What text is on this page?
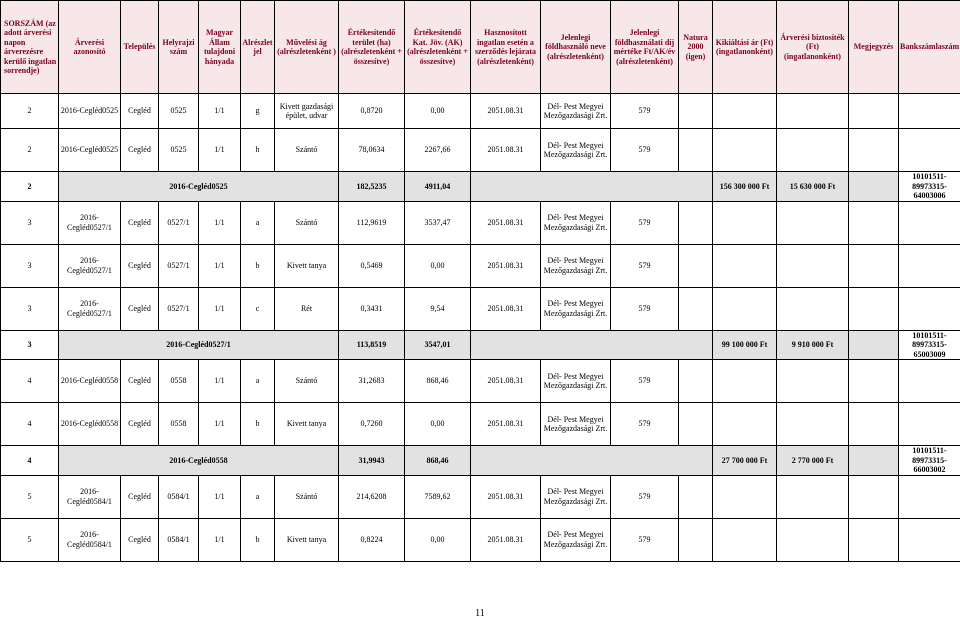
SORSZÁM (az adott árverési napon árverezésre kerülő ingatlan sorrendje)	Árverési azonosító	Település	Helyrajzi szám	Magyar Állam tulajdoni hányada	Alrészlet jel	Művelési ág (alrészletenként )	Értékesítendő terület (ha) (alrészletenként + összesítve)	Értékesítendő Kat. Jöv. (AK) (alrészletenként + összesítve)	Hasznosított ingatlan esetén a szerződés lejárata (alrészletenként)	Jelenlegi földhasználó neve (alrészletenként)	Jelenlegi földhasználati díj mértéke Ft/AK/év (alrészletenként)	Natura 2000 (igen)	Kikiáltási ár (Ft) (ingatlanonként)	Árverési biztosíték (Ft) (ingatlanonként)	Megjegyzés	Bankszámlaszám
2	2016-Cegléd0525	Cegléd	0525	1/1	g	Kivett gazdasági épület, udvar	0,8720	0,00	2051.08.31	Dél- Pest Megyei Mezőgazdasági Zrt.	579					
2	2016-Cegléd0525	Cegléd	0525	1/1	h	Szántó	78,0634	2267,66	2051.08.31	Dél- Pest Megyei Mezőgazdasági Zrt.	579					
2	2016-Cegléd0525						182,5235	4911,04					156 300 000 Ft	15 630 000 Ft		10101511-89973315-64003006
3	2016-Cegléd0527/1	Cegléd	0527/1	1/1	a	Szántó	112,9619	3537,47	2051.08.31	Dél- Pest Megyei Mezőgazdasági Zrt.	579					
3	2016-Cegléd0527/1	Cegléd	0527/1	1/1	b	Kivett tanya	0,5469	0,00	2051.08.31	Dél- Pest Megyei Mezőgazdasági Zrt.	579					
3	2016-Cegléd0527/1	Cegléd	0527/1	1/1	c	Rét	0,3431	9,54	2051.08.31	Dél- Pest Megyei Mezőgazdasági Zrt.	579					
3	2016-Cegléd0527/1						113,8519	3547,01					99 100 000 Ft	9 910 000 Ft		10101511-89973315-65003009
4	2016-Cegléd0558	Cegléd	0558	1/1	a	Szántó	31,2683	868,46	2051.08.31	Dél- Pest Megyei Mezőgazdasági Zrt.	579					
4	2016-Cegléd0558	Cegléd	0558	1/1	b	Kivett tanya	0,7260	0,00	2051.08.31	Dél- Pest Megyei Mezőgazdasági Zrt.	579					
4	2016-Cegléd0558						31,9943	868,46					27 700 000 Ft	2 770 000 Ft		10101511-89973315-66003002
5	2016-Cegléd0584/1	Cegléd	0584/1	1/1	a	Szántó	214,6208	7589,62	2051.08.31	Dél- Pest Megyei Mezőgazdasági Zrt.	579					
5	2016-Cegléd0584/1	Cegléd	0584/1	1/1	b	Kivett tanya	0,8224	0,00	2051.08.31	Dél- Pest Megyei Mezőgazdasági Zrt.	579					
11
